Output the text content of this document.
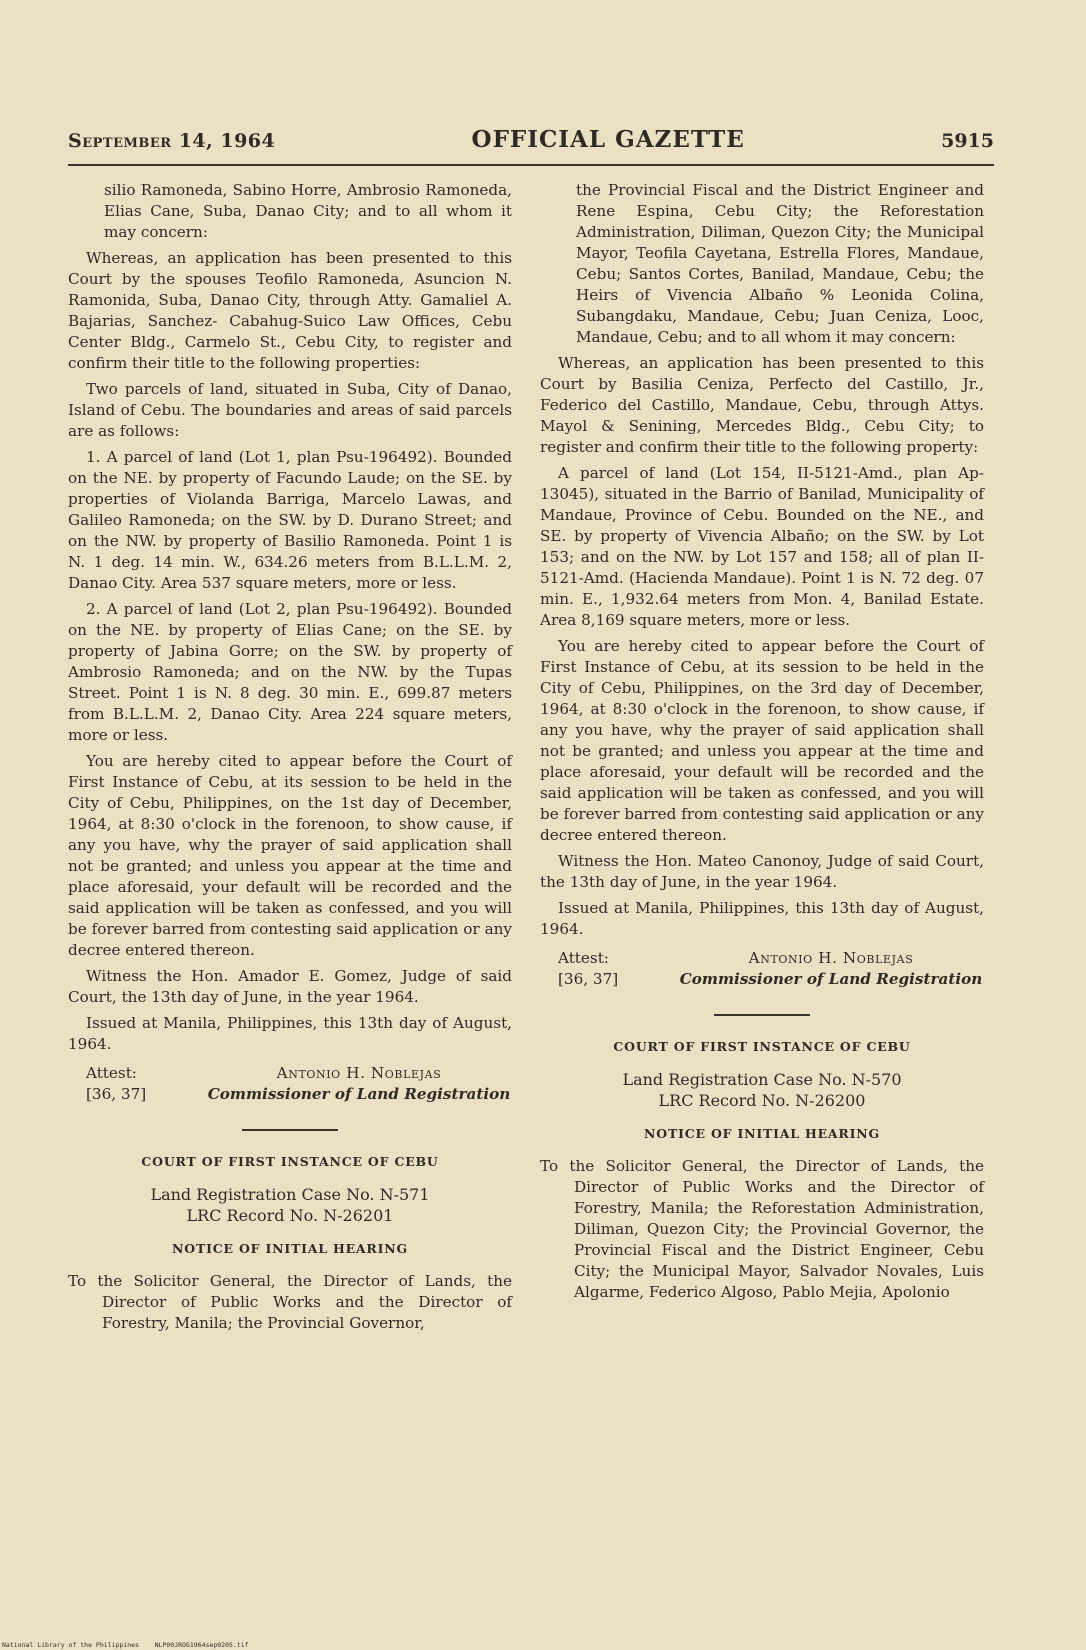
September 14, 1964	OFFICIAL GAZETTE	5915

silio Ramoneda, Sabino Horre, Ambrosio Ramoneda, Elias Cane, Suba, Danao City; and to all whom it may concern:

Whereas, an application has been presented to this Court by the spouses Teofilo Ramoneda, Asuncion N. Ramonida, Suba, Danao City, through Atty. Gamaliel A. Bajarias, Sanchez- Cabahug-Suico Law Offices, Cebu Center Bldg., Carmelo St., Cebu City, to register and confirm their title to the following properties:

Two parcels of land, situated in Suba, City of Danao, Island of Cebu. The boundaries and areas of said parcels are as follows:

1. A parcel of land (Lot 1, plan Psu-196492). Bounded on the NE. by property of Facundo Laude; on the SE. by properties of Violanda Barriga, Marcelo Lawas, and Galileo Ramoneda; on the SW. by D. Durano Street; and on the NW. by property of Basilio Ramoneda. Point 1 is N. 1 deg. 14 min. W., 634.26 meters from B.L.L.M. 2, Danao City. Area 537 square meters, more or less.

2. A parcel of land (Lot 2, plan Psu-196492). Bounded on the NE. by property of Elias Cane; on the SE. by property of Jabina Gorre; on the SW. by property of Ambrosio Ramoneda; and on the NW. by the Tupas Street. Point 1 is N. 8 deg. 30 min. E., 699.87 meters from B.L.L.M. 2, Danao City. Area 224 square meters, more or less.

You are hereby cited to appear before the Court of First Instance of Cebu, at its session to be held in the City of Cebu, Philippines, on the 1st day of December, 1964, at 8:30 o'clock in the forenoon, to show cause, if any you have, why the prayer of said application shall not be granted; and unless you appear at the time and place aforesaid, your default will be recorded and the said application will be taken as confessed, and you will be forever barred from contesting said application or any decree entered thereon.

Witness the Hon. Amador E. Gomez, Judge of said Court, the 13th day of June, in the year 1964.

Issued at Manila, Philippines, this 13th day of August, 1964.

Attest:	Antonio H. Noblejas
[36, 37]	Commissioner of Land Registration
COURT OF FIRST INSTANCE OF CEBU
Land Registration Case No. N-571
LRC Record No. N-26201
NOTICE OF INITIAL HEARING

To the Solicitor General, the Director of Lands, the Director of Public Works and the Director of Forestry, Manila; the Provincial Governor,

the Provincial Fiscal and the District Engineer and Rene Espina, Cebu City; the Reforestation Administration, Diliman, Quezon City; the Municipal Mayor, Teofila Cayetana, Estrella Flores, Mandaue, Cebu; Santos Cortes, Banilad, Mandaue, Cebu; the Heirs of Vivencia Albaño % Leonida Colina, Subangdaku, Mandaue, Cebu; Juan Ceniza, Looc, Mandaue, Cebu; and to all whom it may concern:

Whereas, an application has been presented to this Court by Basilia Ceniza, Perfecto del Castillo, Jr., Federico del Castillo, Mandaue, Cebu, through Attys. Mayol & Senining, Mercedes Bldg., Cebu City; to register and confirm their title to the following property:

A parcel of land (Lot 154, II-5121-Amd., plan Ap-13045), situated in the Barrio of Banilad, Municipality of Mandaue, Province of Cebu. Bounded on the NE., and SE. by property of Vivencia Albaño; on the SW. by Lot 153; and on the NW. by Lot 157 and 158; all of plan II-5121-Amd. (Hacienda Mandaue). Point 1 is N. 72 deg. 07 min. E., 1,932.64 meters from Mon. 4, Banilad Estate. Area 8,169 square meters, more or less.

You are hereby cited to appear before the Court of First Instance of Cebu, at its session to be held in the City of Cebu, Philippines, on the 3rd day of December, 1964, at 8:30 o'clock in the forenoon, to show cause, if any you have, why the prayer of said application shall not be granted; and unless you appear at the time and place aforesaid, your default will be recorded and the said application will be taken as confessed, and you will be forever barred from contesting said application or any decree entered thereon.

Witness the Hon. Mateo Canonoy, Judge of said Court, the 13th day of June, in the year 1964.

Issued at Manila, Philippines, this 13th day of August, 1964.

Attest:	Antonio H. Noblejas
[36, 37]	Commissioner of Land Registration
COURT OF FIRST INSTANCE OF CEBU
Land Registration Case No. N-570
LRC Record No. N-26200
NOTICE OF INITIAL HEARING

To the Solicitor General, the Director of Lands, the Director of Public Works and the Director of Forestry, Manila; the Reforestation Administration, Diliman, Quezon City; the Provincial Governor, the Provincial Fiscal and the District Engineer, Cebu City; the Municipal Mayor, Salvador Novales, Luis Algarme, Federico Algoso, Pablo Mejia, Apolonio

National Library of the Philippines NLP00JROG1964sep0205.tif
